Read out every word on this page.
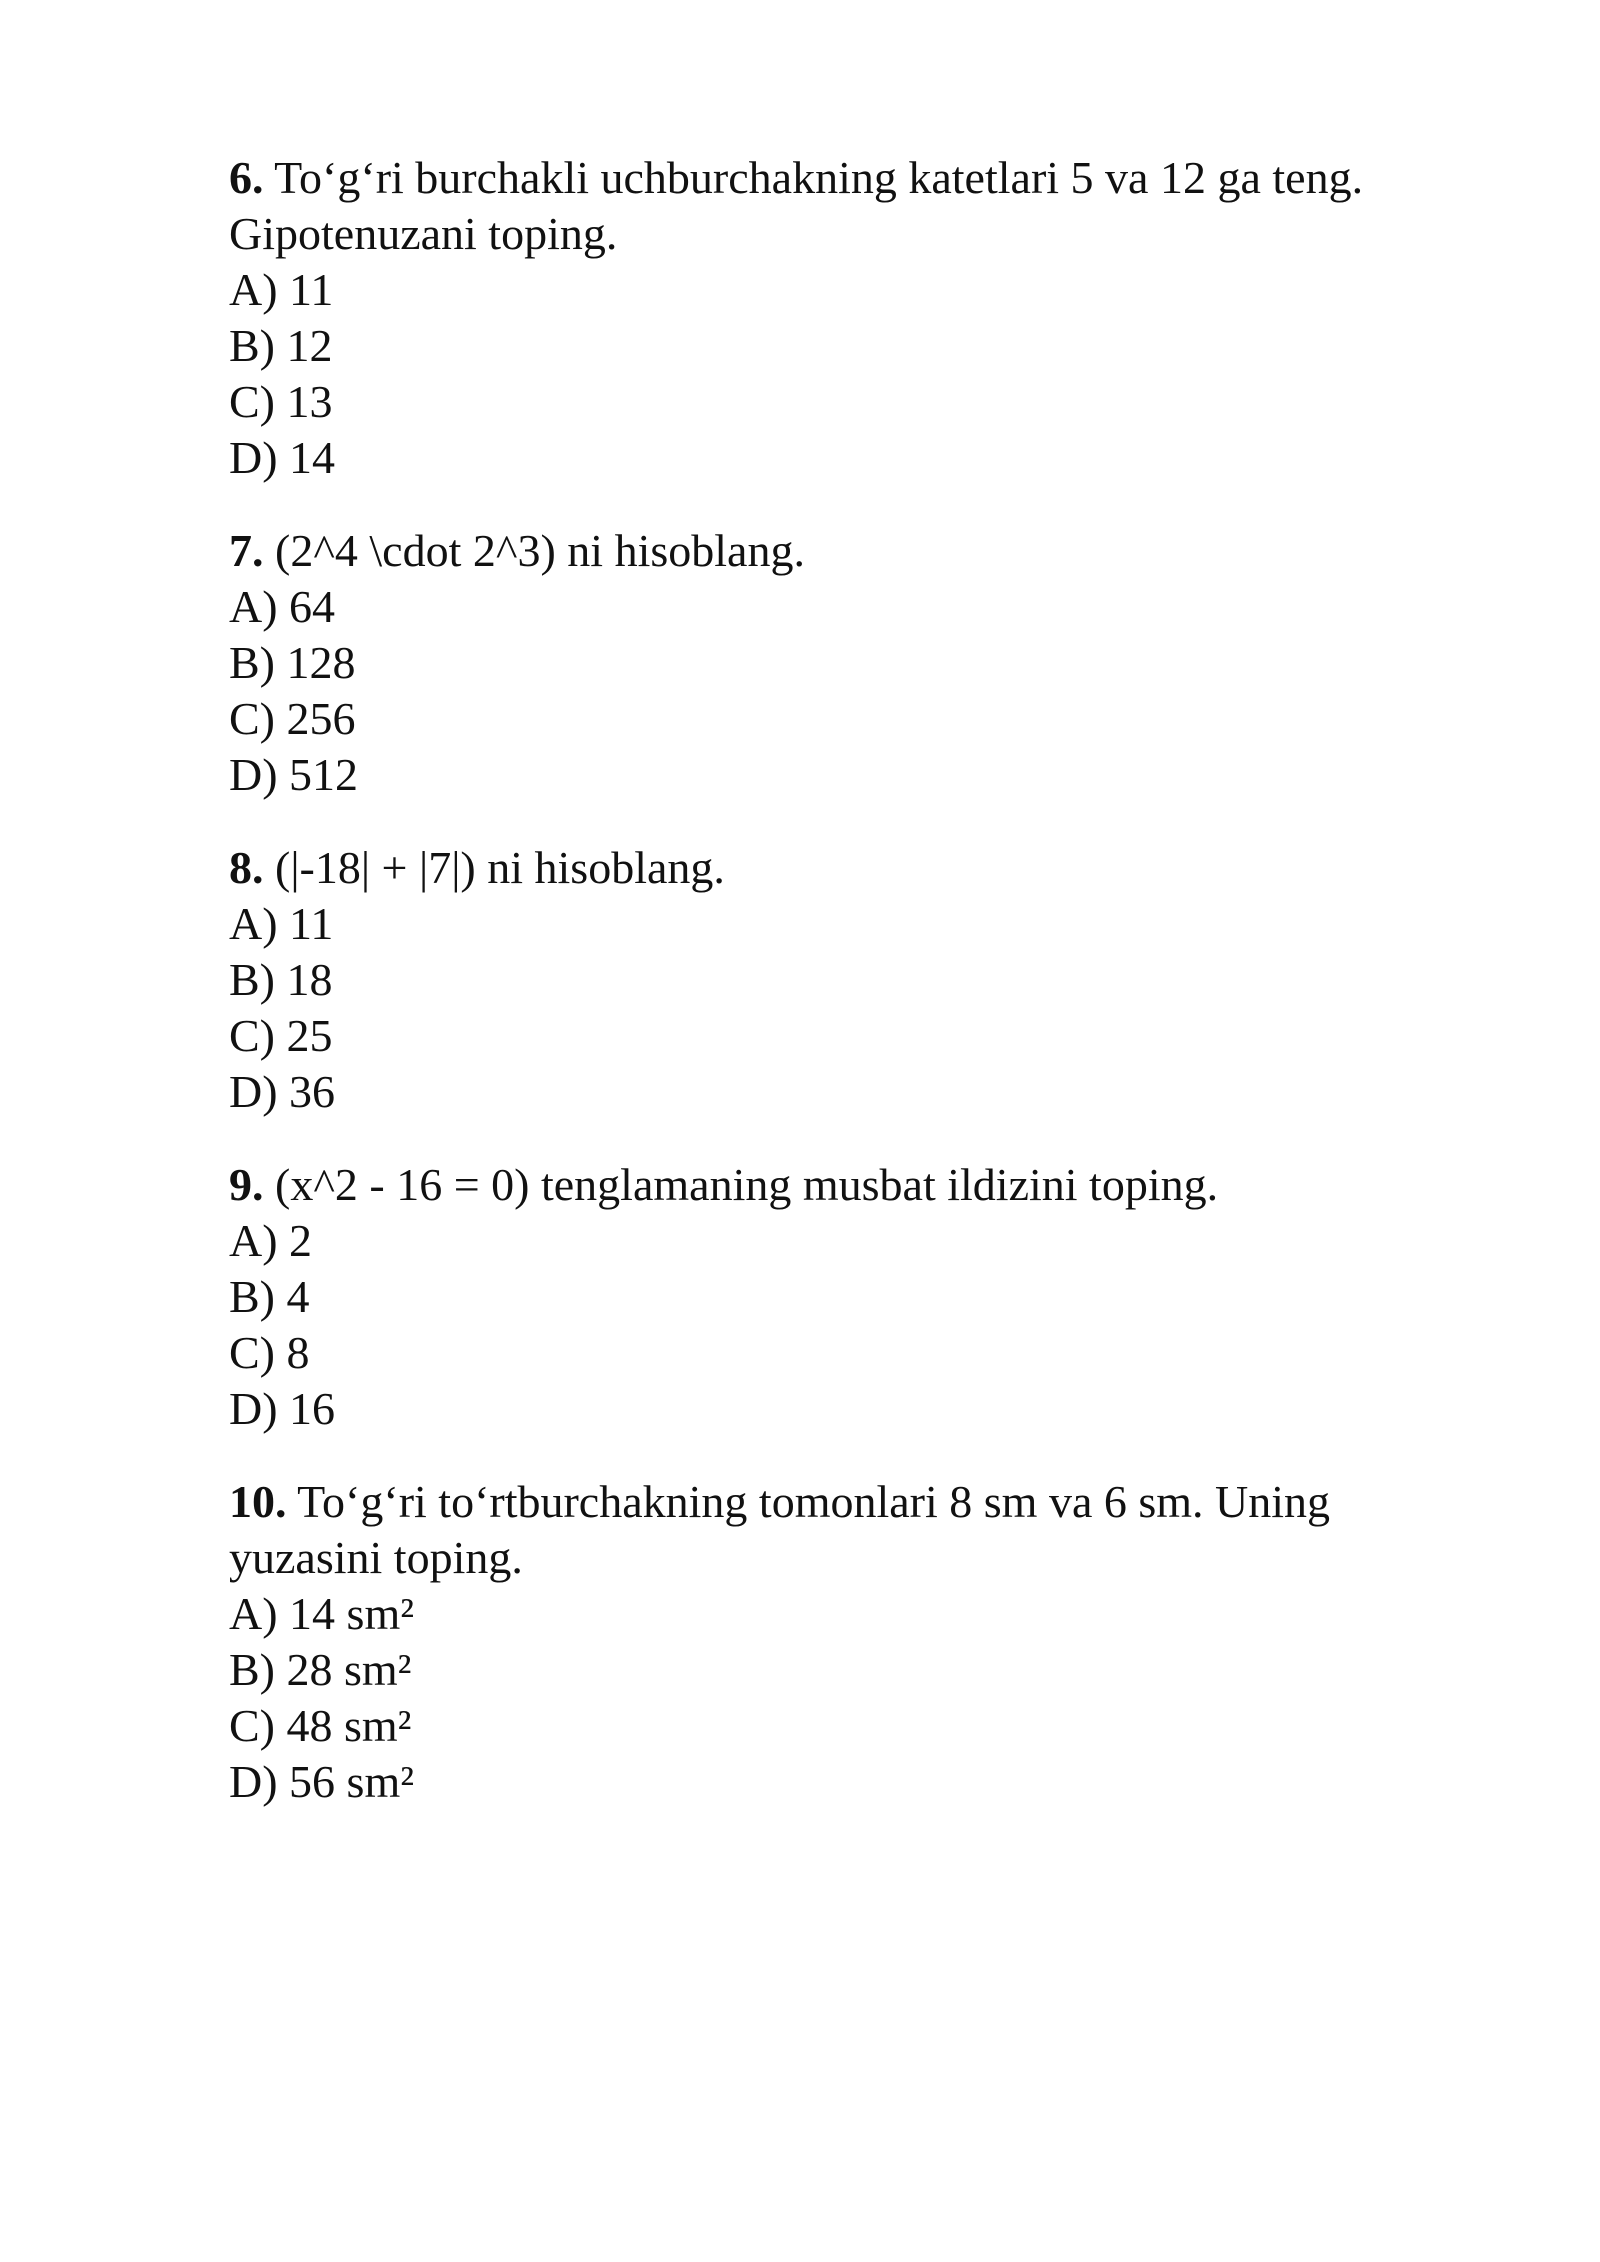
6. To‘g‘ri burchakli uchburchakning katetlari 5 va 12 ga teng. Gipotenuzani toping.
A) 11
B) 12
C) 13
D) 14
7. (2^4 \cdot 2^3) ni hisoblang.
A) 64
B) 128
C) 256
D) 512
8. (|-18| + |7|) ni hisoblang.
A) 11
B) 18
C) 25
D) 36
9. (x^2 - 16 = 0) tenglamaning musbat ildizini toping.
A) 2
B) 4
C) 8
D) 16
10. To‘g‘ri to‘rtburchakning tomonlari 8 sm va 6 sm. Uning yuzasini toping.
A) 14 sm²
B) 28 sm²
C) 48 sm²
D) 56 sm²
